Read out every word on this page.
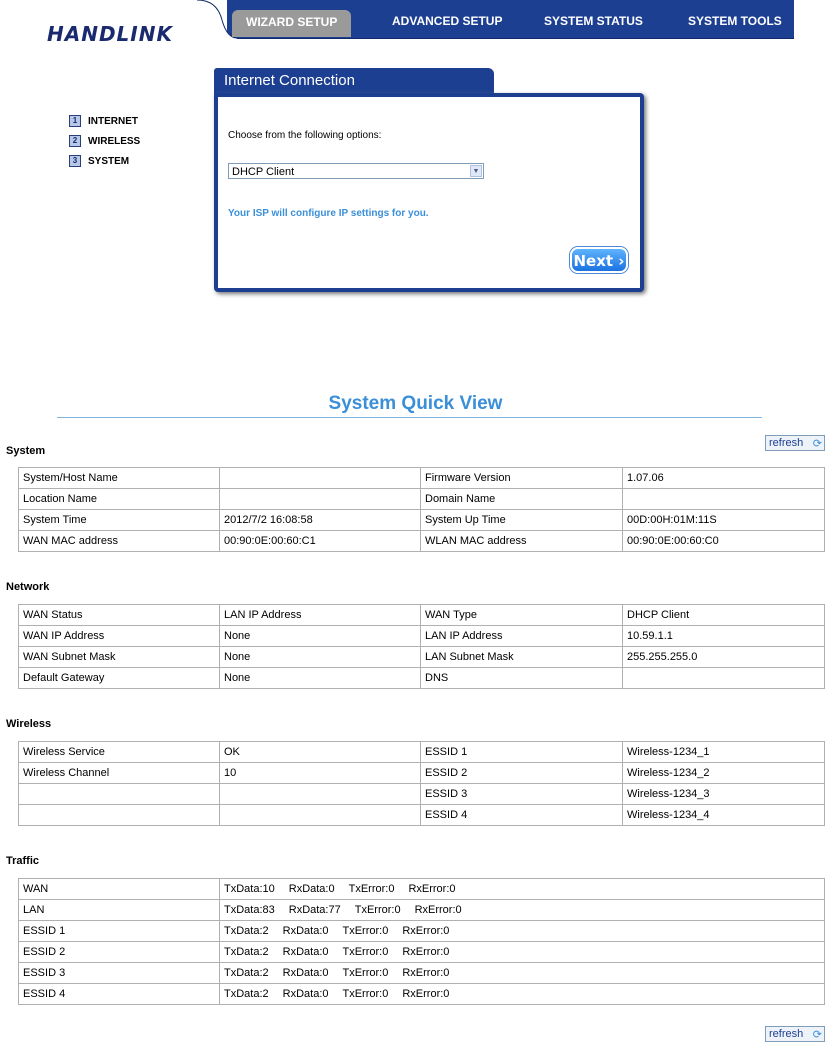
HANDLINK	WIZARD SETUP	ADVANCED SETUP	SYSTEM STATUS	SYSTEM TOOLS
1	INTERNET
2	WIRELESS
3	SYSTEM
Internet Connection
Choose from the following options:
DHCP Client	▼
Your ISP will configure IP settings for you.
Next ›
System Quick View
System
refresh ⟳
System/Host Name		Firmware Version	1.07.06
Location Name		Domain Name	
System Time	2012/7/2 16:08:58	System Up Time	00D:00H:01M:11S
WAN MAC address	00:90:0E:00:60:C1	WLAN MAC address	00:90:0E:00:60:C0
Network
WAN Status	LAN IP Address	WAN Type	DHCP Client
WAN IP Address	None	LAN IP Address	10.59.1.1
WAN Subnet Mask	None	LAN Subnet Mask	255.255.255.0
Default Gateway	None	DNS	
Wireless
Wireless Service	OK	ESSID 1	Wireless-1234_1
Wireless Channel	10	ESSID 2	Wireless-1234_2
		ESSID 3	Wireless-1234_3
		ESSID 4	Wireless-1234_4
Traffic
WAN	TxData:10 RxData:0 TxError:0 RxError:0
LAN	TxData:83 RxData:77 TxError:0 RxError:0
ESSID 1	TxData:2 RxData:0 TxError:0 RxError:0
ESSID 2	TxData:2 RxData:0 TxError:0 RxError:0
ESSID 3	TxData:2 RxData:0 TxError:0 RxError:0
ESSID 4	TxData:2 RxData:0 TxError:0 RxError:0
refresh ⟳
